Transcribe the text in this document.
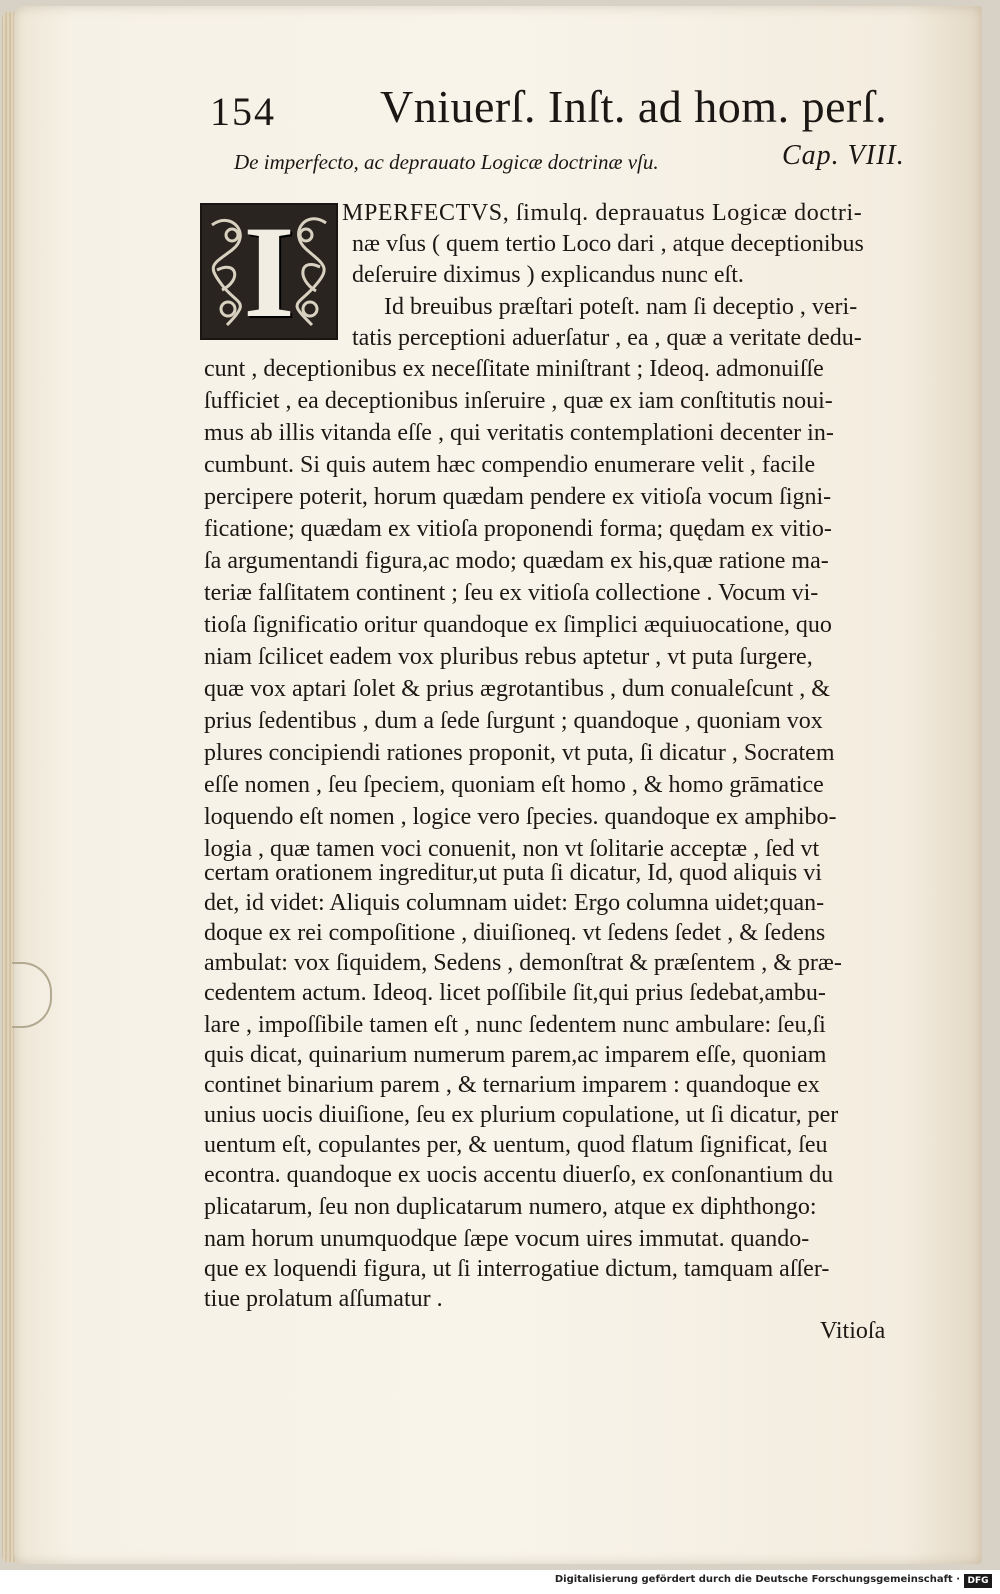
154 Vniuerſ. Inſt. ad hom. perſ.
De imperfecto, ac deprauato Logicæ doctrinæ vſu.	Cap. VIII.
I	MPERFECTVS, ſimulq. deprauatus Logicæ doctri-
næ vſus ( quem tertio Loco dari , atque deceptionibus
deſeruire diximus ) explicandus nunc eſt.
Id breuibus præſtari poteſt. nam ſi deceptio , veri-
tatis perceptioni aduerſatur , ea , quæ a veritate dedu-
cunt , deceptionibus ex neceſſitate miniſtrant ; Ideoq. admonuiſſe
ſufficiet , ea deceptionibus inſeruire , quæ ex iam conſtitutis noui-
mus ab illis vitanda eſſe , qui veritatis contemplationi decenter in-
cumbunt. Si quis autem hæc compendio enumerare velit , facile
percipere poterit, horum quædam pendere ex vitioſa vocum ſigni-
ficatione; quædam ex vitioſa proponendi forma; quędam ex vitio-
ſa argumentandi figura,ac modo; quædam ex his,quæ ratione ma-
teriæ falſitatem continent ; ſeu ex vitioſa collectione . Vocum vi-
tioſa ſignificatio oritur quandoque ex ſimplici æquiuocatione, quo
niam ſcilicet eadem vox pluribus rebus aptetur , vt puta ſurgere,
quæ vox aptari ſolet & prius ægrotantibus , dum conualeſcunt , &
prius ſedentibus , dum a ſede ſurgunt ; quandoque , quoniam vox
plures concipiendi rationes proponit, vt puta, ſi dicatur , Socratem
eſſe nomen , ſeu ſpeciem, quoniam eſt homo , & homo grāmatice
loquendo eſt nomen , logice vero ſpecies. quandoque ex amphibo-
logia , quæ tamen voci conuenit, non vt ſolitarie acceptæ , ſed vt
certam orationem ingreditur,ut puta ſi dicatur, Id, quod aliquis vi
det, id videt: Aliquis columnam uidet: Ergo columna uidet;quan-
doque ex rei compoſitione , diuiſioneq. vt ſedens ſedet , & ſedens
ambulat: vox ſiquidem, Sedens , demonſtrat & præſentem , & præ-
cedentem actum. Ideoq. licet poſſibile ſit,qui prius ſedebat,ambu-
lare , impoſſibile tamen eſt , nunc ſedentem nunc ambulare: ſeu,ſi
quis dicat, quinarium numerum parem,ac imparem eſſe, quoniam
continet binarium parem , & ternarium imparem : quandoque ex
unius uocis diuiſione, ſeu ex plurium copulatione, ut ſi dicatur, per
uentum eſt, copulantes per, & uentum, quod flatum ſignificat, ſeu
econtra. quandoque ex uocis accentu diuerſo, ex conſonantium du
plicatarum, ſeu non duplicatarum numero, atque ex diphthongo:
nam horum unumquodque ſæpe vocum uires immutat. quando-
que ex loquendi figura, ut ſi interrogatiue dictum, tamquam aſſer-
tiue prolatum aſſumatur .
Vitioſa
Digitalisierung gefördert durch die Deutsche Forschungsgemeinschaft · DFG
